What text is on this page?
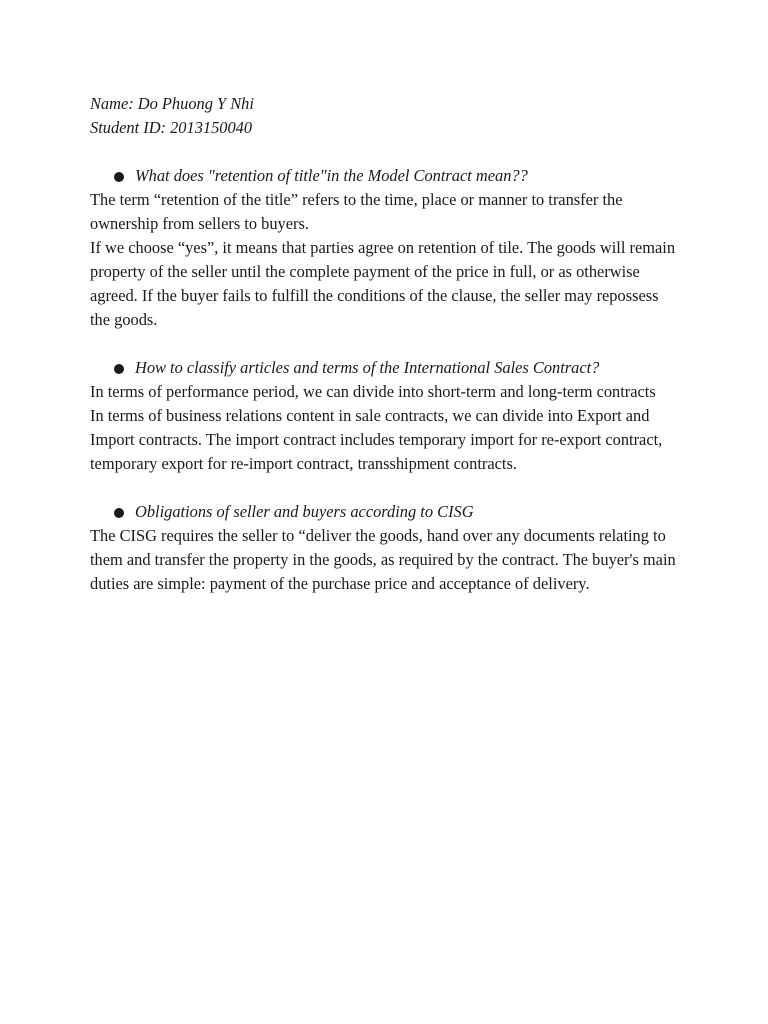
Name: Do Phuong Y Nhi

Student ID: 2013150040

What does "retention of title"in the Model Contract mean??

The term “retention of the title” refers to the time, place or manner to transfer the ownership from sellers to buyers.

If we choose “yes”, it means that parties agree on retention of tile. The goods will remain property of the seller until the complete payment of the price in full, or as otherwise agreed. If the buyer fails to fulfill the conditions of the clause, the seller may repossess the goods.

How to classify articles and terms of the International Sales Contract?

In terms of performance period, we can divide into short-term and long-term contracts

In terms of business relations content in sale contracts, we can divide into Export and Import contracts. The import contract includes temporary import for re-export contract, temporary export for re-import contract, transshipment contracts.

Obligations of seller and buyers according to CISG

The CISG requires the seller to “deliver the goods, hand over any documents relating to them and transfer the property in the goods, as required by the contract. The buyer's main duties are simple: payment of the purchase price and acceptance of delivery.
